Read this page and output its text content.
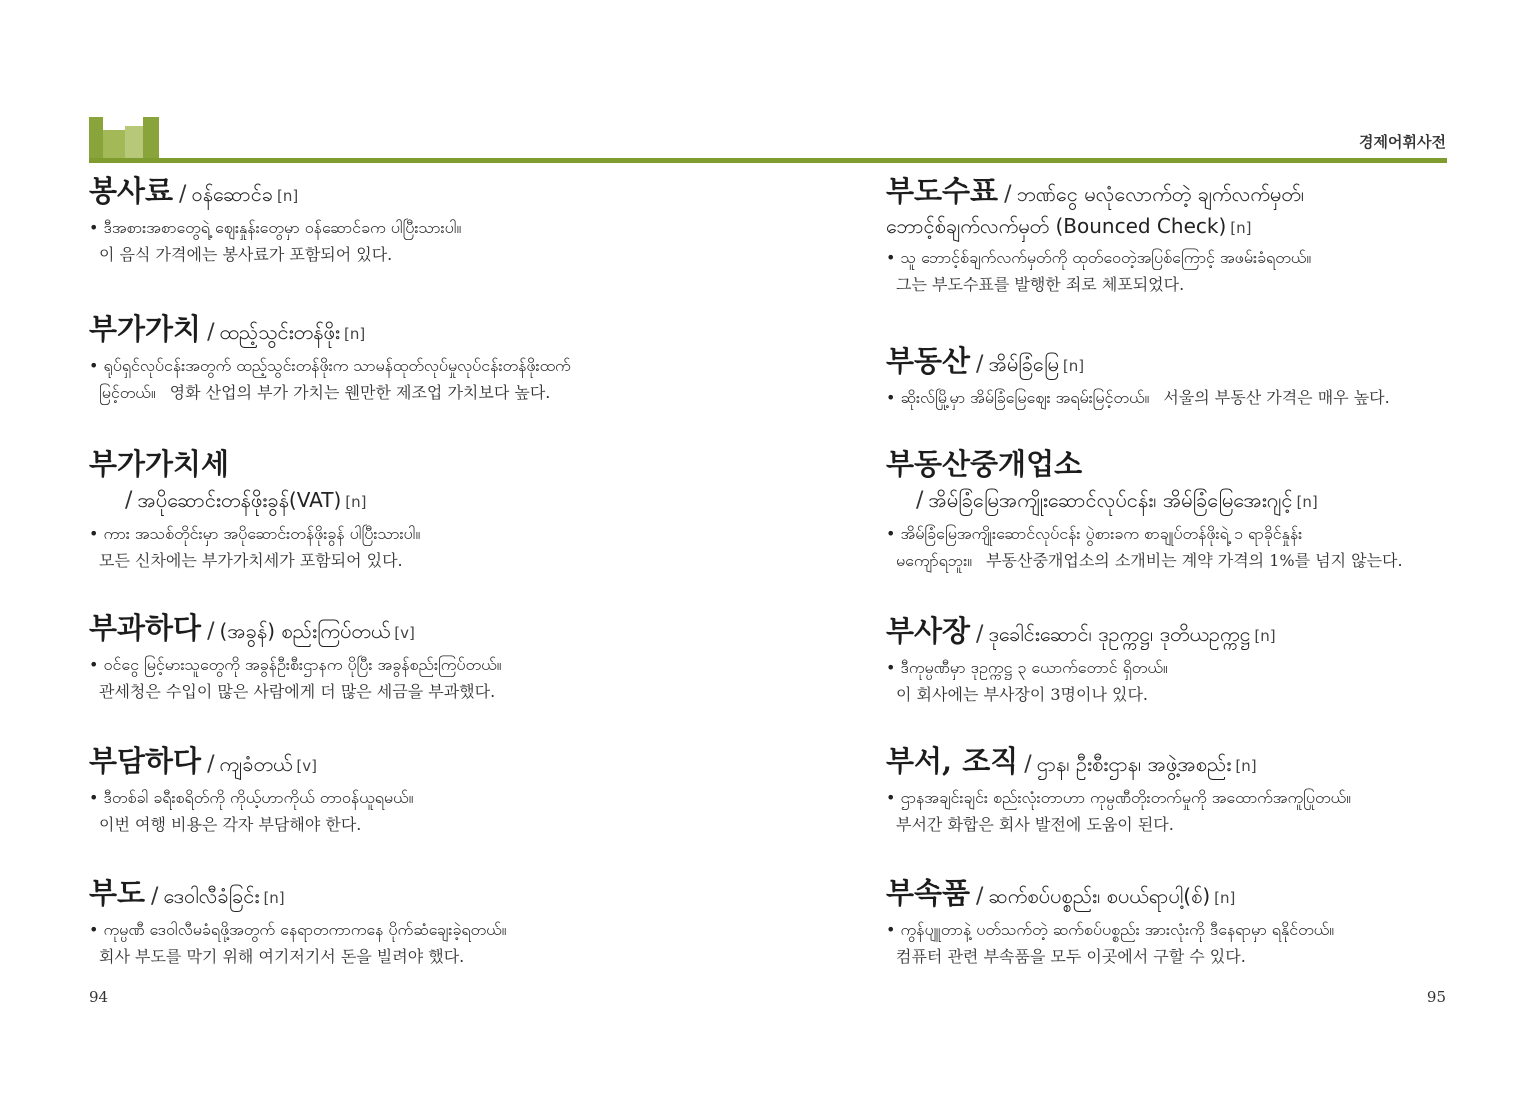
경제어휘사전
봉사료 / ဝန်ဆောင်ခ [n]
• ဒီအစားအစာတွေရဲ့ ဈေးနှုန်းတွေမှာ ဝန်ဆောင်ခက ပါပြီးသားပါ။
이 음식 가격에는 봉사료가 포함되어 있다.
부가가치 / ထည့်သွင်းတန်ဖိုး [n]
• ရုပ်ရှင်လုပ်ငန်းအတွက် ထည့်သွင်းတန်ဖိုးက သာမန်ထုတ်လုပ်မှုလုပ်ငန်းတန်ဖိုးထက်
မြင့်တယ်။ 영화 산업의 부가 가치는 웬만한 제조업 가치보다 높다.
부가가치세
/ အပိုဆောင်းတန်ဖိုးခွန်(VAT) [n]
• ကား အသစ်တိုင်းမှာ အပိုဆောင်းတန်ဖိုးခွန် ပါပြီးသားပါ။
모든 신차에는 부가가치세가 포함되어 있다.
부과하다 / (အခွန်) စည်းကြပ်တယ် [v]
• ဝင်ငွေ မြင့်မားသူတွေကို အခွန်ဦးစီးဌာနက ပိုပြီး အခွန်စည်းကြပ်တယ်။
관세청은 수입이 많은 사람에게 더 많은 세금을 부과했다.
부담하다 / ကျခံတယ် [v]
• ဒီတစ်ခါ ခရီးစရိတ်ကို ကိုယ့်ဟာကိုယ် တာဝန်ယူရမယ်။
이번 여행 비용은 각자 부담해야 한다.
부도 / ဒေဝါလီခံခြင်း [n]
• ကုမ္ပဏီ ဒေဝါလီမခံရဖို့အတွက် နေရာတကာကနေ ပိုက်ဆံချေးခဲ့ရတယ်။
회사 부도를 막기 위해 여기저기서 돈을 빌려야 했다.
부도수표 / ဘဏ်ငွေ မလုံလောက်တဲ့ ချက်လက်မှတ်၊
ဘောင့်စ်ချက်လက်မှတ် (Bounced Check) [n]
• သူ ဘောင့်စ်ချက်လက်မှတ်ကို ထုတ်ဝေတဲ့အပြစ်ကြောင့် အဖမ်းခံရတယ်။
그는 부도수표를 발행한 죄로 체포되었다.
부동산 / အိမ်ခြံမြေ [n]
• ဆိုးလ်မြို့မှာ အိမ်ခြံမြေဈေး အရမ်းမြင့်တယ်။ 서울의 부동산 가격은 매우 높다.
부동산중개업소
/ အိမ်ခြံမြေအကျိုးဆောင်လုပ်ငန်း၊ အိမ်ခြံမြေအေးဂျင့် [n]
• အိမ်ခြံမြေအကျိုးဆောင်လုပ်ငန်း ပွဲစားခက စာချုပ်တန်ဖိုးရဲ့ ၁ ရာခိုင်နှုန်း
မကျော်ရဘူး။ 부동산중개업소의 소개비는 계약 가격의 1%를 넘지 않는다.
부사장 / ဒုခေါင်းဆောင်၊ ဒုဥက္ကဋ္ဌ၊ ဒုတိယဥက္ကဋ္ဌ [n]
• ဒီကုမ္ပဏီမှာ ဒုဥက္ကဋ္ဌ ၃ ယောက်တောင် ရှိတယ်။
이 회사에는 부사장이 3명이나 있다.
부서, 조직 / ဌာန၊ ဦးစီးဌာန၊ အဖွဲ့အစည်း [n]
• ဌာနအချင်းချင်း စည်းလုံးတာဟာ ကုမ္ပဏီတိုးတက်မှုကို အထောက်အကူပြုတယ်။
부서간 화합은 회사 발전에 도움이 된다.
부속품 / ဆက်စပ်ပစ္စည်း၊ စပယ်ရာပါ့(စ်) [n]
• ကွန်ပျူတာနဲ့ ပတ်သက်တဲ့ ဆက်စပ်ပစ္စည်း အားလုံးကို ဒီနေရာမှာ ရနိုင်တယ်။
컴퓨터 관련 부속품을 모두 이곳에서 구할 수 있다.
94	95
